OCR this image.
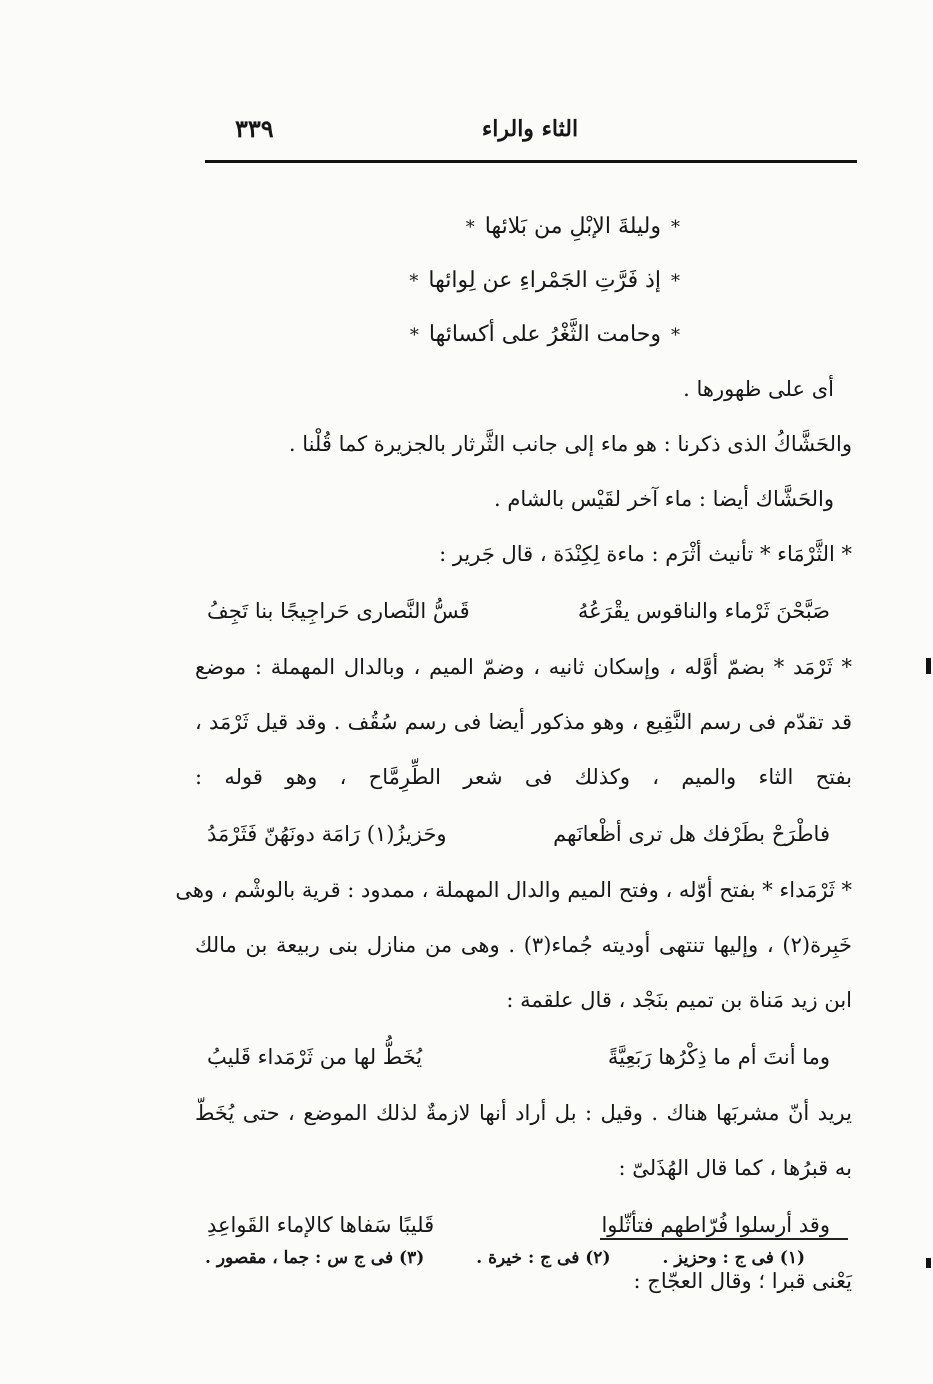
الثاء والراء
٣٣٩
*وليلةَ الإبْلِ من بَلائها*
*إذ فَرَّتِ الجَمْراءِ عن لِوائها*
*وحامت الثَّغْرُ على أكسائها*
أى على ظهورها .
والحَشَّاكُ الذى ذكرنا : هو ماء إلى جانب الثَّرثار بالجزيرة كما قُلْنا .
والحَشَّاك أيضا : ماء آخر لقَيْس بالشام .
* الثَّرْمَاء * تأنيث أثْرَم : ماءة لِكِنْدَة ، قال جَرير :
صَبَّحْنَ ثَرْماء والناقوس يقْرَعُهُ
قَسُّ النَّصارى حَراجِيجًا بنا تَجِفُ
* ثَرْمَد * بضمّ أوَّله ، وإسكان ثانيه ، وضمّ الميم ، وبالدال المهملة : موضع
قد تقدّم فى رسم النَّقِيع ، وهو مذكور أيضا فى رسم سُقُف . وقد قيل ثَرْمَد ،
بفتح الثاء والميم ، وكذلك فى شعر الطِّرِمَّاح ، وهو قوله :
فاطْرَحْ بطَرْفك هل ترى أظْعانَهم
وحَزيزُ(١) رَامَة دونَهُنّ فَثَرْمَدُ
* ثَرْمَداء * بفتح أوّله ، وفتح الميم والدال المهملة ، ممدود : قرية بالوشْم ، وهى
خَبِرة(٢) ، وإليها تنتهى أوديته جُماء(٣) . وهى من منازل بنى ربيعة بن مالك
ابن زيد مَناة بن تميم بنَجْد ، قال علقمة :
وما أنتَ أم ما ذِكْرُها رَبَعِيَّةً
يُخَطُّ لها من ثَرْمَداء قَليبُ
يريد أنّ مشربَها هناك . وقيل : بل أراد أنها لازمةٌ لذلك الموضع ، حتى يُخَطّ
به قبرُها ، كما قال الهُذَلىّ :
وقد أرسلوا فُرّاطهم فتأثّلوا
قَليبًا سَفاها كالإماء القَواعِدِ
يَعْنى قبرا ؛ وقال العجّاج :
(١) فى ج : وحزيز .
(٢) فى ج : خيرة .
(٣) فى ج س : جما ، مقصور .
